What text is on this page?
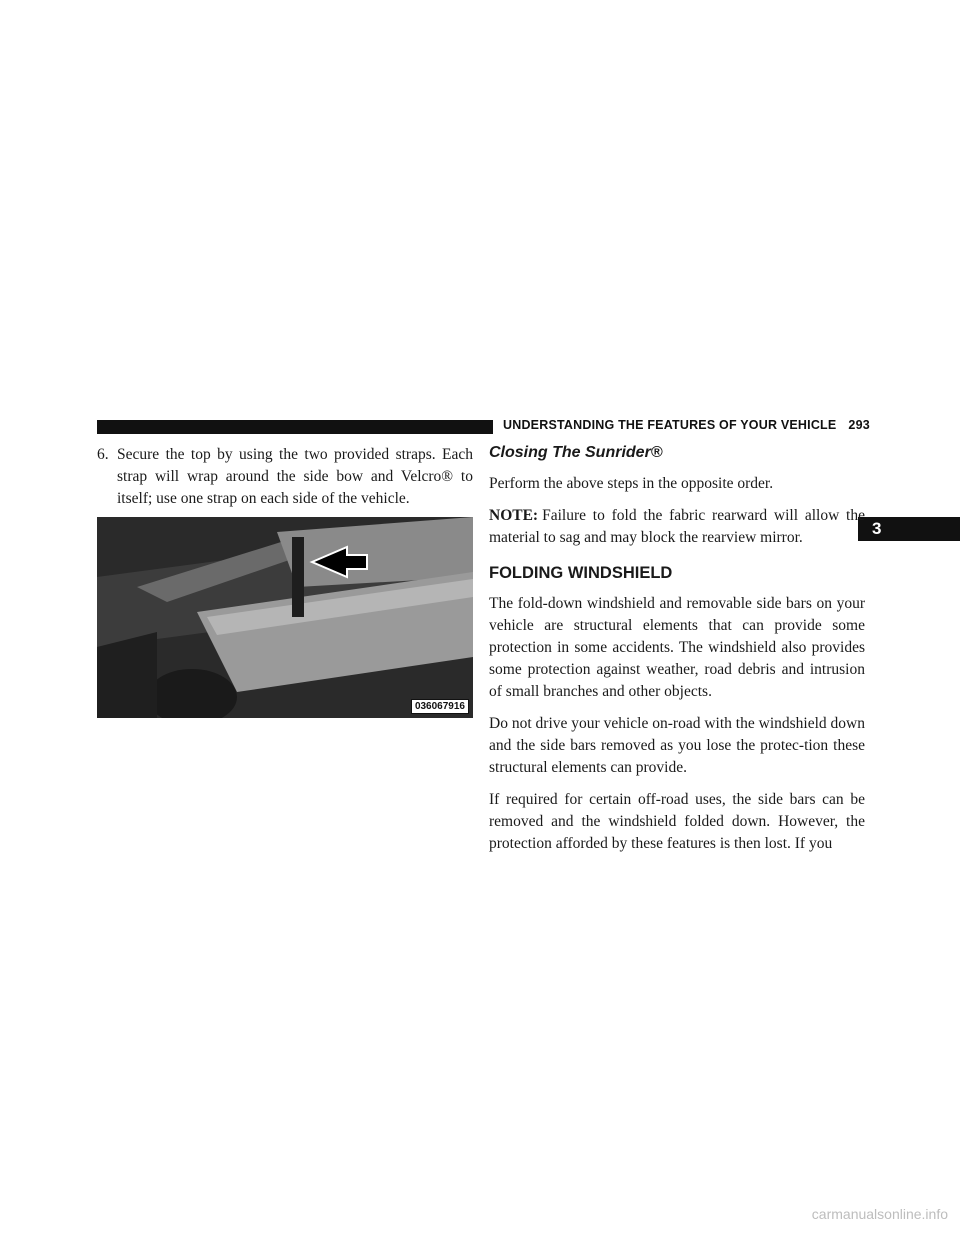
UNDERSTANDING THE FEATURES OF YOUR VEHICLE 293
3
6. Secure the top by using the two provided straps. Each strap will wrap around the side bow and Velcro® to itself; use one strap on each side of the vehicle.
036067916
Closing The Sunrider®

Perform the above steps in the opposite order.

NOTE: Failure to fold the fabric rearward will allow the material to sag and may block the rearview mirror.

FOLDING WINDSHIELD

The fold-down windshield and removable side bars on your vehicle are structural elements that can provide some protection in some accidents. The windshield also provides some protection against weather, road debris and intrusion of small branches and other objects.

Do not drive your vehicle on-road with the windshield down and the side bars removed as you lose the protec-tion these structural elements can provide.

If required for certain off-road uses, the side bars can be removed and the windshield folded down. However, the protection afforded by these features is then lost. If you

carmanualsonline.info
